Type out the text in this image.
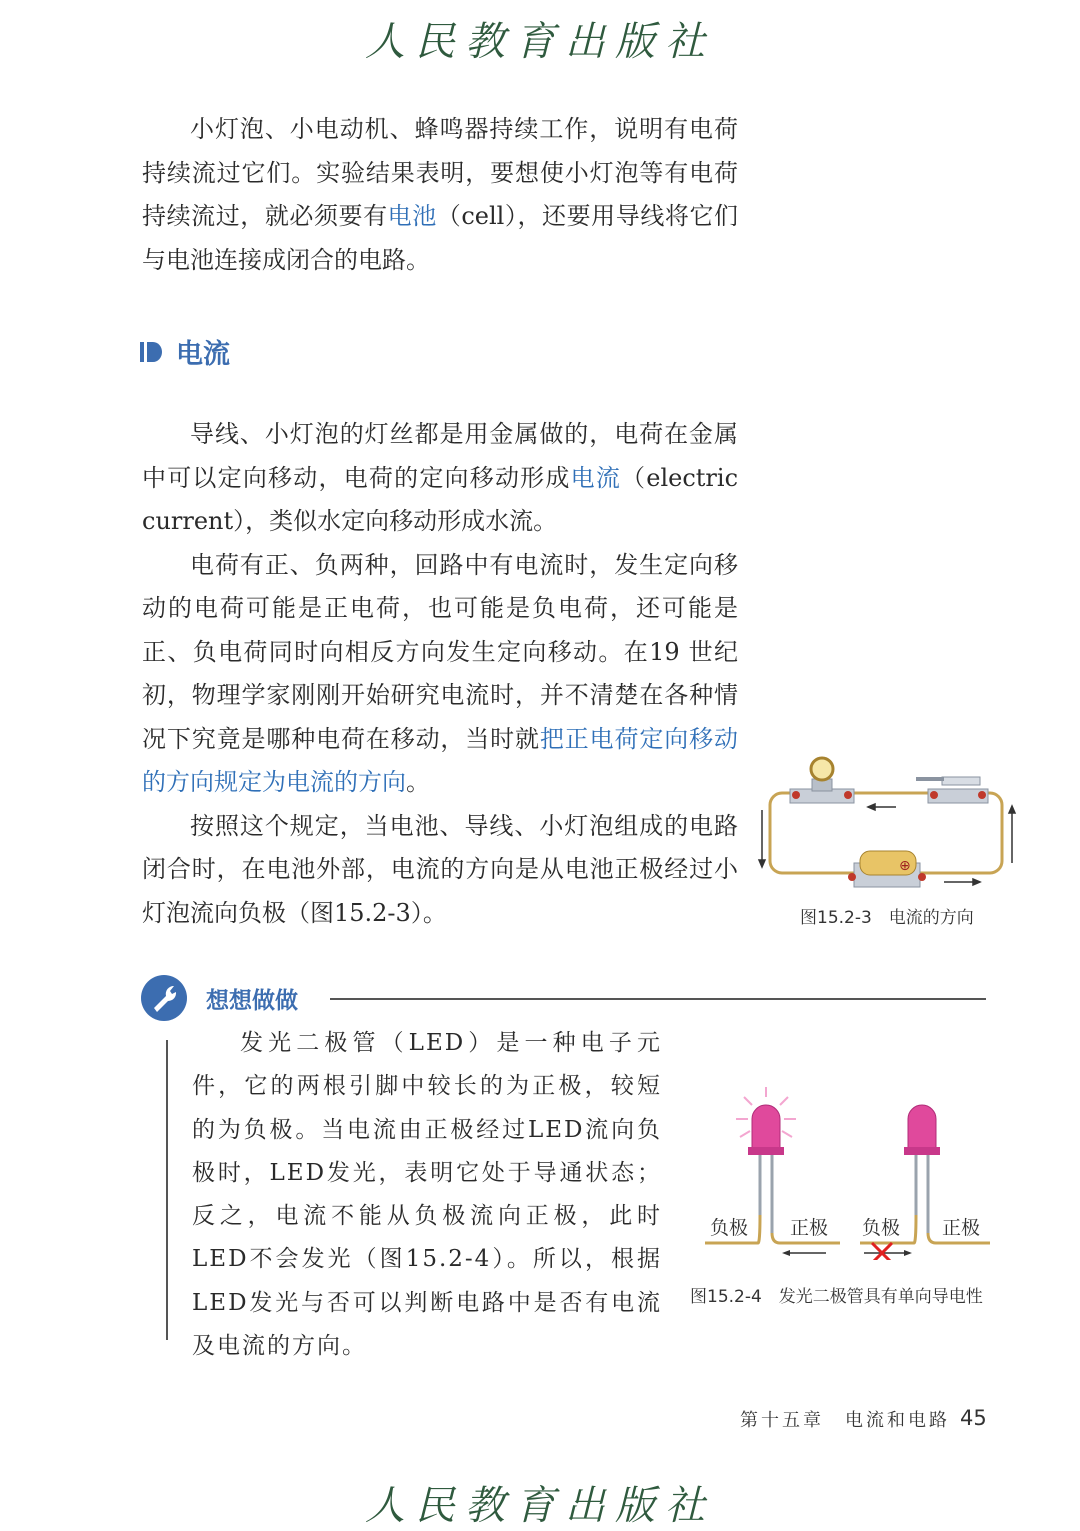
人民教育出版社

小灯泡、小电动机、蜂鸣器持续工作，说明有电荷持续流过它们。实验结果表明，要想使小灯泡等有电荷持续流过，就必须要有电池（cell），还要用导线将它们与电池连接成闭合的电路。

电流

导线、小灯泡的灯丝都是用金属做的，电荷在金属中可以定向移动，电荷的定向移动形成电流（electric current），类似水定向移动形成水流。

电荷有正、负两种，回路中有电流时，发生定向移动的电荷可能是正电荷，也可能是负电荷，还可能是正、负电荷同时向相反方向发生定向移动。在19 世纪初，物理学家刚刚开始研究电流时，并不清楚在各种情况下究竟是哪种电荷在移动，当时就把正电荷定向移动的方向规定为电流的方向。

按照这个规定，当电池、导线、小灯泡组成的电路闭合时，在电池外部，电流的方向是从电池正极经过小灯泡流向负极（图15.2-3）。

⊕
图15.2-3　电流的方向
想想做做

发光二极管（LED）是一种电子元件，它的两根引脚中较长的为正极，较短的为负极。当电流由正极经过LED流向负极时，LED发光，表明它处于导通状态；反之，电流不能从负极流向正极，此时LED不会发光（图15.2-4）。所以，根据LED发光与否可以判断电路中是否有电流及电流的方向。

负极 正极 负极 正极
图15.2-4　发光二极管具有单向导电性
第十五章　电流和电路 45
人民教育出版社
